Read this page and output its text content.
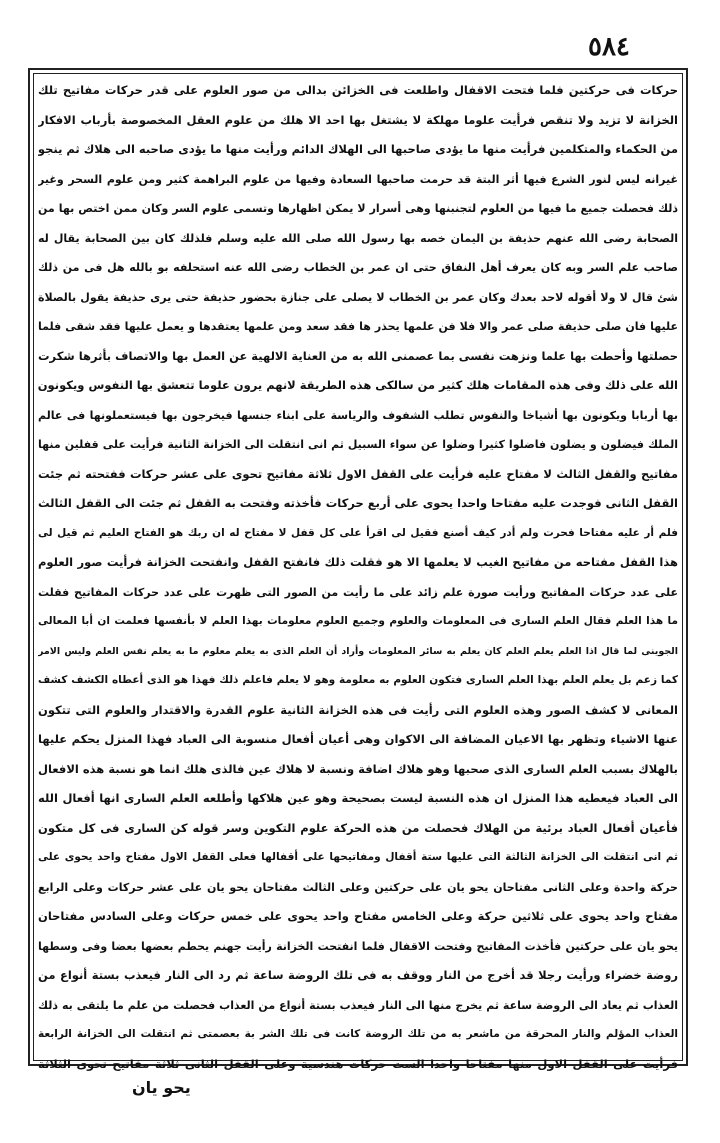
٥٨٤
حركات فى حركتين فلما فتحت الاقفال واطلعت فى الخزائن بدالى من صور العلوم على قدر حركات مفاتيح تلك
الخزانة لا تزيد ولا تنقص فرأيت علوما مهلكة لا يشتغل بها احد الا هلك من علوم العقل المخصوصة بأرباب الافكار
من الحكماء والمتكلمين فرأيت منها ما يؤدى صاحبها الى الهلاك الدائم ورأيت منها ما يؤدى صاحبه الى هلاك ثم ينجو
غيرانه ليس لنور الشرع فيها أثر البتة قد حرمت صاحبها السعادة وفيها من علوم البراهمة كثير ومن علوم السحر وغير
ذلك فحصلت جميع ما فيها من العلوم لتجنبنها وهى أسرار لا يمكن اظهارها وتسمى علوم السر وكان ممن اختص بها من
الصحابة رضى الله عنهم حذيفة بن اليمان خصه بها رسول الله صلى الله عليه وسلم فلذلك كان بين الصحابة يقال له
صاحب علم السر وبه كان يعرف أهل النفاق حتى ان عمر بن الخطاب رضى الله عنه استحلفه بو بالله هل فى من ذلك
شئ قال لا ولا أقوله لاحد بعدك وكان عمر بن الخطاب لا يصلى على جنازة بحضور حذيفة حتى يرى حذيفة يقول بالصلاة
عليها فان صلى حذيفة صلى عمر والا فلا فن علمها يحذر ها فقد سعد ومن علمها يعتقدها و يعمل عليها فقد شقى فلما
حصلتها وأحطت بها علما ونزهت نفسى بما عصمنى الله به من العناية الالهية عن العمل بها والاتصاف بأثرها شكرت
الله على ذلك وفى هذه المقامات هلك كثير من سالكى هذه الطريقة لانهم يرون علوما تتعشق بها النفوس ويكونون
بها أربابا ويكونون بها أشياخا والنفوس تطلب الشفوف والرياسة على ابناء جنسها فيخرجون بها فيستعملونها فى عالم
الملك فيضلون و يضلون فاضلوا كثيرا وضلوا عن سواء السبيل ثم انى انتقلت الى الخزانة الثانية فرأيت على قفلين منها
مفاتيح والقفل الثالث لا مفتاح عليه فرأيت على القفل الاول ثلاثة مفاتيح تحوى على عشر حركات ففتحته ثم جئت
القفل الثانى فوجدت عليه مفتاحا واحدا يحوى على أربع حركات فأخذته وفتحت به القفل ثم جئت الى القفل الثالث
فلم أر عليه مفتاحا فحرت ولم أدر كيف أصنع فقيل لى اقرأ على كل قفل لا مفتاح له ان ربك هو الفتاح العليم ثم قيل لى
هذا القفل مفتاحه من مفاتيح الغيب لا يعلمها الا هو فقلت ذلك فانفتح القفل وانفتحت الخزانة فرأيت صور العلوم
على عدد حركات المفاتيح ورأيت صورة علم زائد على ما رأيت من الصور التى ظهرت على عدد حركات المفاتيح فقلت
ما هذا العلم فقال العلم السارى فى المعلومات والعلوم وجميع العلوم معلومات بهذا العلم لا بأنفسها فعلمت ان أبا المعالى
الجوينى لما قال اذا العلم يعلم العلم كان يعلم به سائر المعلومات وأراد أن العلم الذى به يعلم معلوم ما به يعلم نفس العلم وليس الامر
كما زعم بل يعلم العلم بهذا العلم السارى فتكون العلوم به معلومة وهو لا يعلم فاعلم ذلك فهذا هو الذى أعطاه الكشف كشف
المعانى لا كشف الصور وهذه العلوم التى رأيت فى هذه الخزانة الثانية علوم القدرة والاقتدار والعلوم التى تتكون
عنها الاشياء وتظهر بها الاعيان المضافة الى الاكوان وهى أعيان أفعال منسوبة الى العباد فهذا المنزل يحكم عليها
بالهلاك بسبب العلم السارى الذى صحبها وهو هلاك اضافة ونسبة لا هلاك عين فالذى هلك انما هو نسبة هذه الافعال
الى العباد فيعطيه هذا المنزل ان هذه النسبة ليست بصحيحة وهو عين هلاكها وأطلعه العلم السارى انها أفعال الله
فأعيان أفعال العباد برئية من الهلاك فحصلت من هذه الحركة علوم التكوين وسر قوله كن السارى فى كل متكون
ثم انى انتقلت الى الخزانة الثالثة التى عليها ستة أقفال ومفاتيحها على أقفالها فعلى القفل الاول مفتاح واحد يحوى على
حركة واحدة وعلى الثانى مفتاحان يحو يان على حركتين وعلى الثالث مفتاحان يحو يان على عشر حركات وعلى الرابع
مفتاح واحد يحوى على ثلاثين حركة وعلى الخامس مفتاح واحد يحوى على خمس حركات وعلى السادس مفتاحان
يحو يان على حركتين فأخذت المفاتيح وفتحت الاقفال فلما انفتحت الخزانة رأيت جهنم يحطم بعضها بعضا وفى وسطها
روضة خضراء ورأيت رجلا قد أخرج من النار ووقف به فى تلك الروضة ساعة ثم رد الى النار فيعذب بستة أنواع من
العذاب ثم يعاد الى الروضة ساعة ثم يخرج منها الى النار فيعذب بستة أنواع من العذاب فحصلت من علم ما يلتقى به ذلك
العذاب المؤلم والنار المحرقة من ماشعر به من تلك الروضة كانت فى تلك الشر بة بعصمتى ثم انتقلت الى الخزانة الرابعة
فرأيت على القفل الاول منها مفتاحا واحدا الست حركات هندسية وعلى القفل الثانى ثلاثة مفاتيح تحوى الثلاثة
يحو يان
